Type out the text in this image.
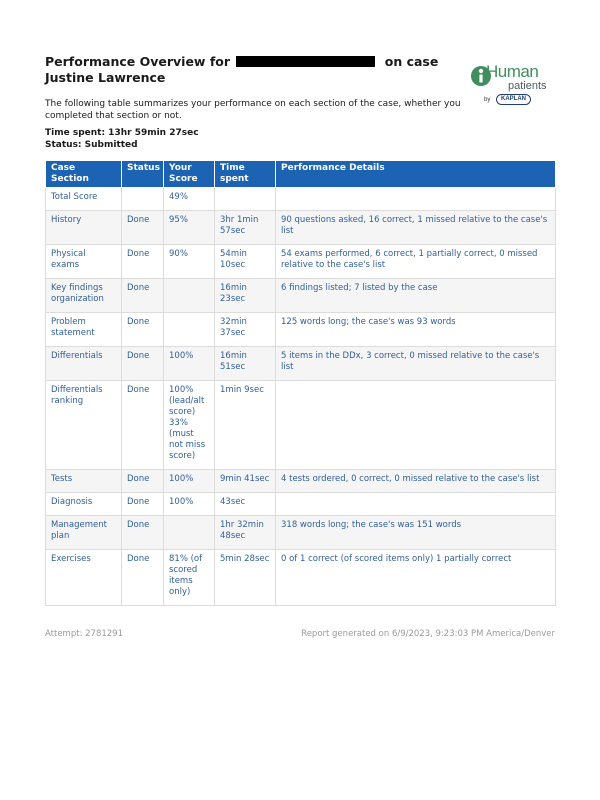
Performance Overview for	on case
Justine Lawrence	Human
patients
by	KAPLAN

The following table summarizes your performance on each section of the case, whether you completed that section or not.

Time spent: 13hr 59min 27sec
Status: Submitted
Case Section	Status	Your Score	Time spent	Performance Details
Total Score		49%		
History	Done	95%	3hr 1min 57sec	90 questions asked, 16 correct, 1 missed relative to the case's list
Physical exams	Done	90%	54min 10sec	54 exams performed, 6 correct, 1 partially correct, 0 missed relative to the case's list
Key findings organization	Done		16min 23sec	6 findings listed; 7 listed by the case
Problem statement	Done		32min 37sec	125 words long; the case's was 93 words
Differentials	Done	100%	16min 51sec	5 items in the DDx, 3 correct, 0 missed relative to the case's list
Differentials ranking	Done	100% (lead/alt score) 33% (must not miss score)	1min 9sec	
Tests	Done	100%	9min 41sec	4 tests ordered, 0 correct, 0 missed relative to the case's list
Diagnosis	Done	100%	43sec	
Management plan	Done		1hr 32min 48sec	318 words long; the case's was 151 words
Exercises	Done	81% (of scored items only)	5min 28sec	0 of 1 correct (of scored items only) 1 partially correct
Attempt: 2781291	Report generated on 6/9/2023, 9:23:03 PM America/Denver
